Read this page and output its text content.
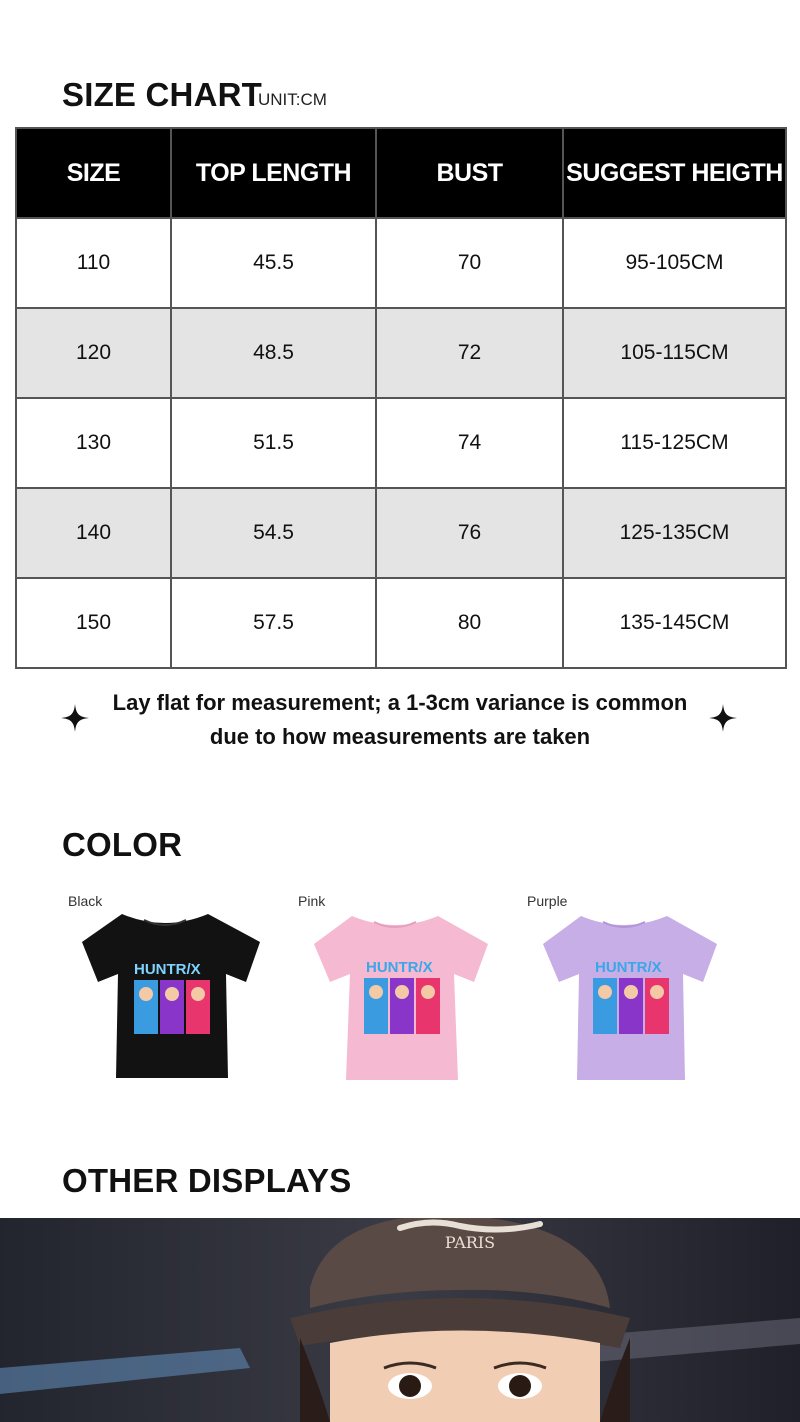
SIZE CHART
UNIT:CM
SIZE	TOP LENGTH	BUST	SUGGEST HEIGTH
110	45.5	70	95-105CM
120	48.5	72	105-115CM
130	51.5	74	115-125CM
140	54.5	76	125-135CM
150	57.5	80	135-145CM
Lay flat for measurement; a 1-3cm variance is common
due to how measurements are taken
COLOR
Black
HUNTR/X
Pink
HUNTR/X
Purple
HUNTR/X
OTHER DISPLAYS
PARIS
